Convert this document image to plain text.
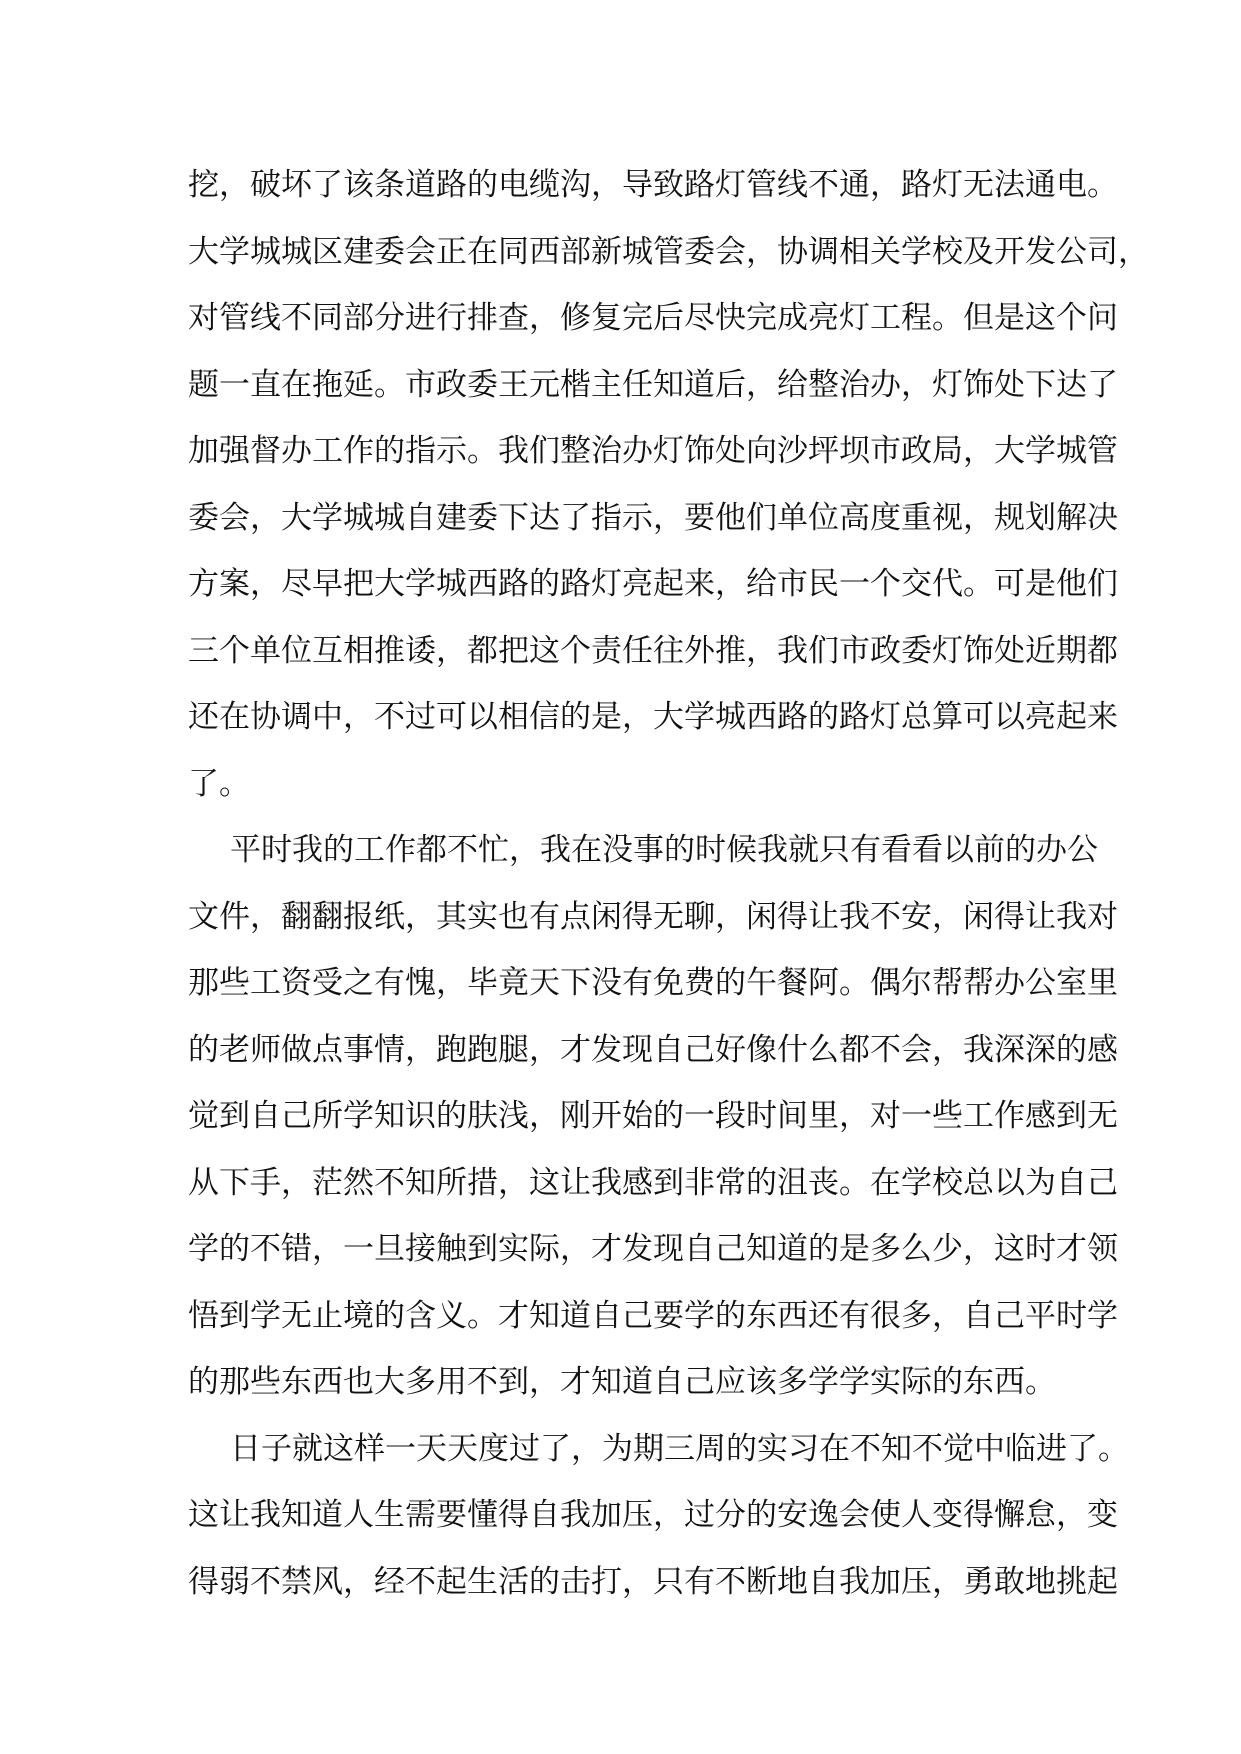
挖，破坏了该条道路的电缆沟，导致路灯管线不通，路灯无法通电。
大学城城区建委会正在同西部新城管委会，协调相关学校及开发公司，
对管线不同部分进行排查，修复完后尽快完成亮灯工程。但是这个问
题一直在拖延。市政委王元楷主任知道后，给整治办，灯饰处下达了
加强督办工作的指示。我们整治办灯饰处向沙坪坝市政局，大学城管
委会，大学城城自建委下达了指示，要他们单位高度重视，规划解决
方案，尽早把大学城西路的路灯亮起来，给市民一个交代。可是他们
三个单位互相推诿，都把这个责任往外推，我们市政委灯饰处近期都
还在协调中，不过可以相信的是，大学城西路的路灯总算可以亮起来
了。
平时我的工作都不忙，我在没事的时候我就只有看看以前的办公
文件，翻翻报纸，其实也有点闲得无聊，闲得让我不安，闲得让我对
那些工资受之有愧，毕竟天下没有免费的午餐阿。偶尔帮帮办公室里
的老师做点事情，跑跑腿，才发现自己好像什么都不会，我深深的感
觉到自己所学知识的肤浅，刚开始的一段时间里，对一些工作感到无
从下手，茫然不知所措，这让我感到非常的沮丧。在学校总以为自己
学的不错，一旦接触到实际，才发现自己知道的是多么少，这时才领
悟到学无止境的含义。才知道自己要学的东西还有很多，自己平时学
的那些东西也大多用不到，才知道自己应该多学学实际的东西。
日子就这样一天天度过了，为期三周的实习在不知不觉中临进了。
这让我知道人生需要懂得自我加压，过分的安逸会使人变得懈怠，变
得弱不禁风，经不起生活的击打，只有不断地自我加压，勇敢地挑起
